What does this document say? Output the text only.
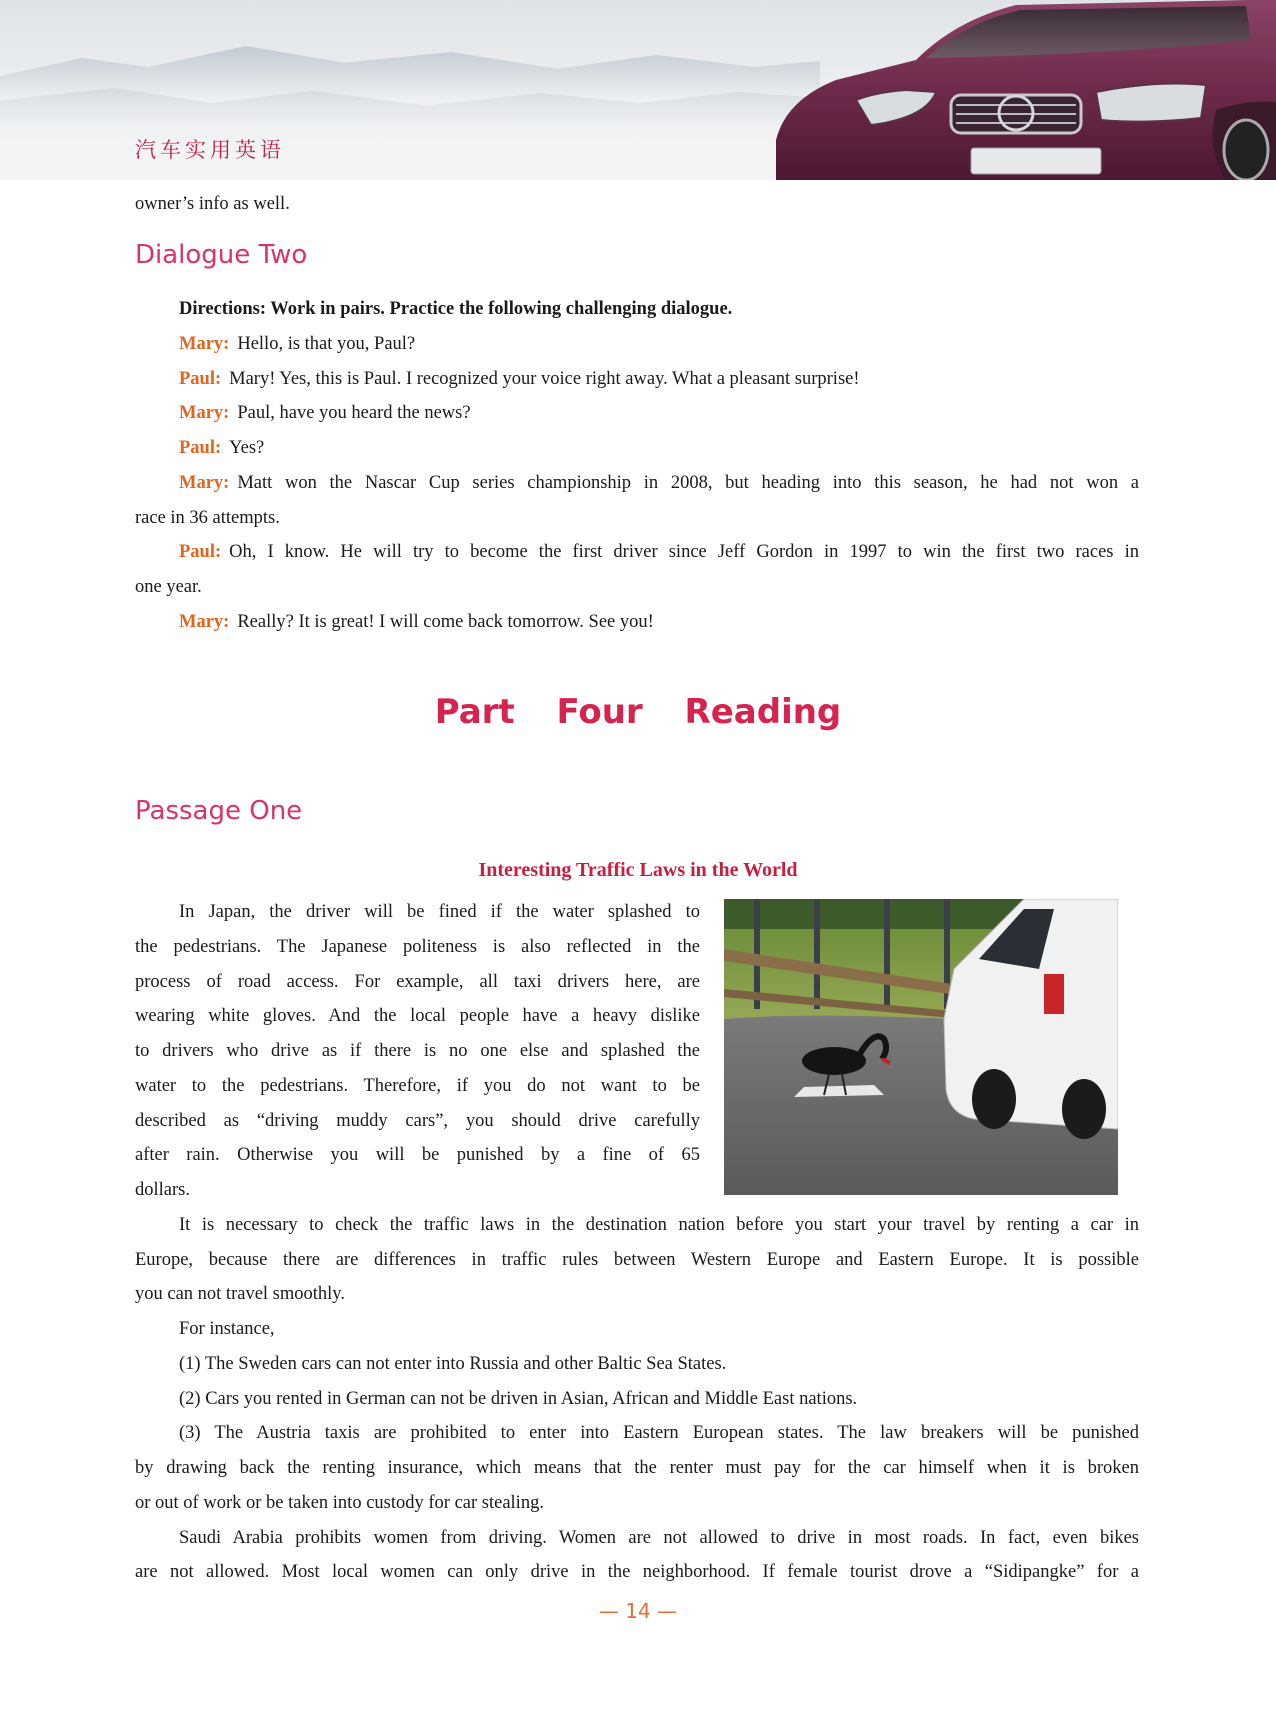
汽车实用英语
owner’s info as well.
Dialogue Two
Directions: Work in pairs. Practice the following challenging dialogue.
Mary: Hello, is that you, Paul?
Paul: Mary! Yes, this is Paul. I recognized your voice right away. What a pleasant surprise!
Mary: Paul, have you heard the news?
Paul: Yes?
Mary: Matt won the Nascar Cup series championship in 2008, but heading into this season, he had not won a
race in 36 attempts.
Paul: Oh, I know. He will try to become the first driver since Jeff Gordon in 1997 to win the first two races in
one year.
Mary: Really? It is great! I will come back tomorrow. See you!
Part Four Reading
Passage One
Interesting Traffic Laws in the World
In Japan, the driver will be fined if the water splashed to
the pedestrians. The Japanese politeness is also reflected in the
process of road access. For example, all taxi drivers here, are
wearing white gloves. And the local people have a heavy dislike
to drivers who drive as if there is no one else and splashed the
water to the pedestrians. Therefore, if you do not want to be
described as “driving muddy cars”, you should drive carefully
after rain. Otherwise you will be punished by a fine of 65
dollars.
It is necessary to check the traffic laws in the destination nation before you start your travel by renting a car in
Europe, because there are differences in traffic rules between Western Europe and Eastern Europe. It is possible
you can not travel smoothly.
For instance,
(1) The Sweden cars can not enter into Russia and other Baltic Sea States.
(2) Cars you rented in German can not be driven in Asian, African and Middle East nations.
(3) The Austria taxis are prohibited to enter into Eastern European states. The law breakers will be punished
by drawing back the renting insurance, which means that the renter must pay for the car himself when it is broken
or out of work or be taken into custody for car stealing.
Saudi Arabia prohibits women from driving. Women are not allowed to drive in most roads. In fact, even bikes
are not allowed. Most local women can only drive in the neighborhood. If female tourist drove a “Sidipangke” for a
— 14 —
